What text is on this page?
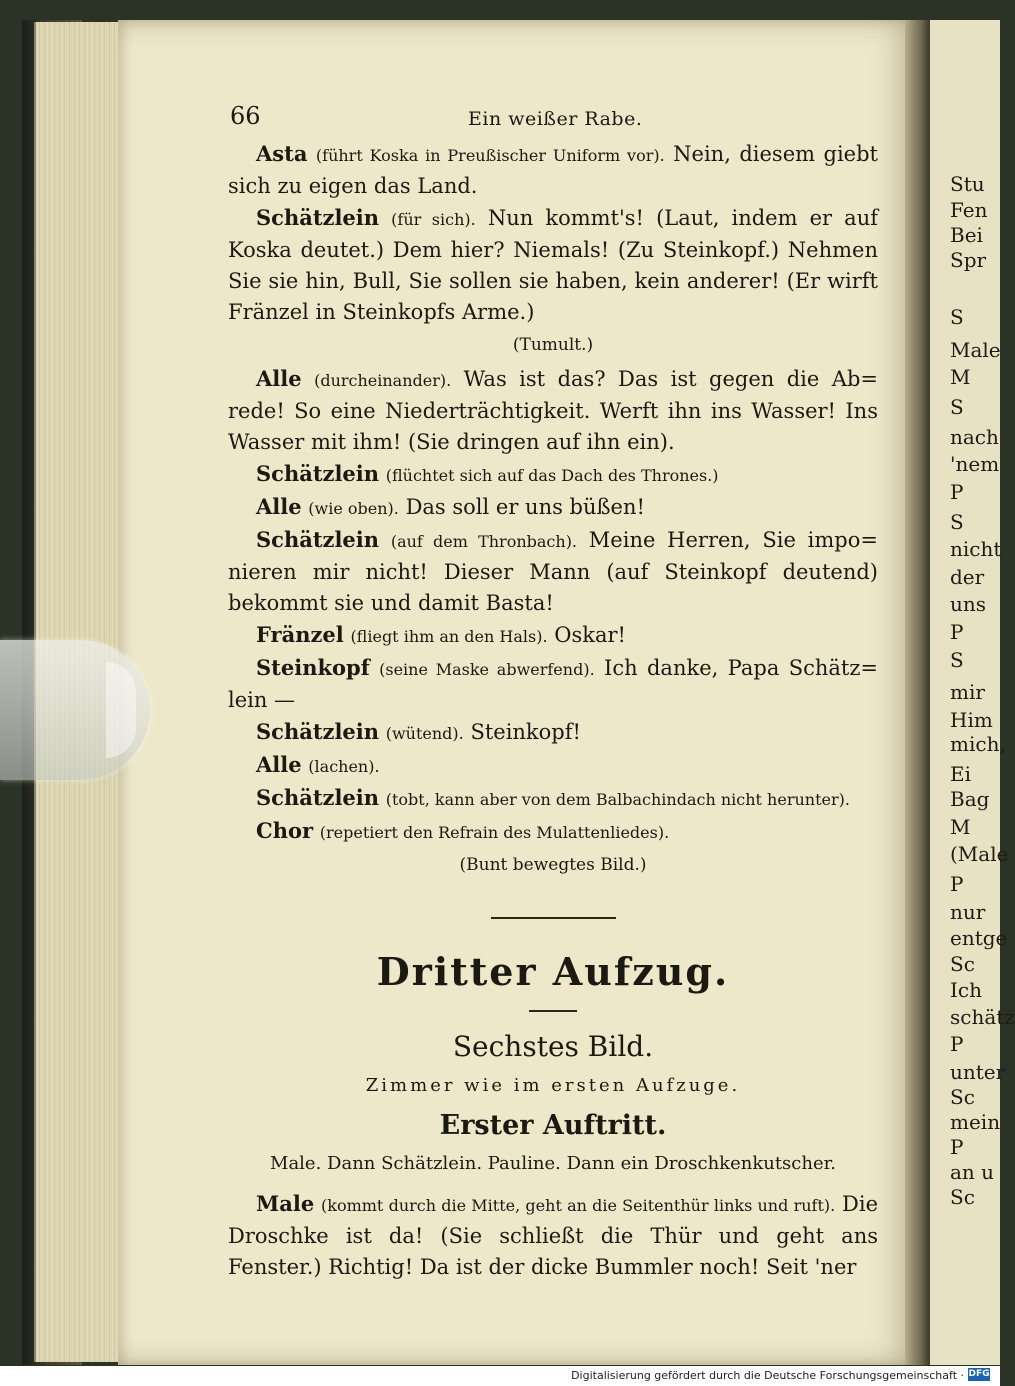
Stu
Fen
Bei
Spr
S
Male
M
S
nach
'nem
P
S
nicht
der
uns
P
S
mir
Him
mich,
Ei
Bag
M
(Male
P
nur
entge
Sc
Ich
schätz
P
unter
Sc
mein
P
an u
Sc
66	Ein weißer Rabe.

Asta (führt Koska in Preußischer Uniform vor). Nein, diesem giebt sich zu eigen das Land.

Schätzlein (für sich). Nun kommt's! (Laut, indem er auf Koska deutet.) Dem hier? Niemals! (Zu Steinkopf.) Nehmen Sie sie hin, Bull, Sie sollen sie haben, kein anderer! (Er wirft Fränzel in Steinkopfs Arme.)

(Tumult.)

Alle (durcheinander). Was ist das? Das ist gegen die Ab= rede! So eine Niederträchtigkeit. Werft ihn ins Wasser! Ins Wasser mit ihm! (Sie dringen auf ihn ein).

Schätzlein (flüchtet sich auf das Dach des Thrones.)

Alle (wie oben). Das soll er uns büßen!

Schätzlein (auf dem Thronbach). Meine Herren, Sie impo= nieren mir nicht! Dieser Mann (auf Steinkopf deutend) bekommt sie und damit Basta!

Fränzel (fliegt ihm an den Hals). Oskar!

Steinkopf (seine Maske abwerfend). Ich danke, Papa Schätz= lein —

Schätzlein (wütend). Steinkopf!

Alle (lachen).

Schätzlein (tobt, kann aber von dem Balbachindach nicht herunter).

Chor (repetiert den Refrain des Mulattenliedes).

(Bunt bewegtes Bild.)

Dritter Aufzug.

Sechstes Bild.

Zimmer wie im ersten Aufzuge.

Erster Auftritt.

Male. Dann Schätzlein. Pauline. Dann ein Droschkenkutscher.

Male (kommt durch die Mitte, geht an die Seitenthür links und ruft). Die Droschke ist da! (Sie schließt die Thür und geht ans Fenster.) Richtig! Da ist der dicke Bummler noch! Seit 'ner

Digitalisierung gefördert durch die Deutsche Forschungsgemeinschaft · DFG
